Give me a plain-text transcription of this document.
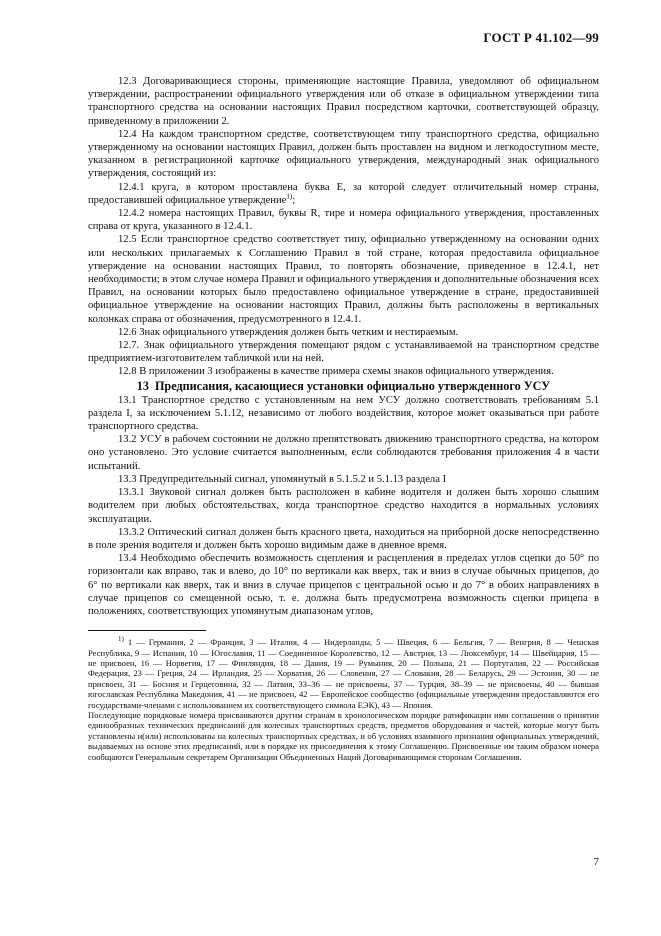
ГОСТ Р 41.102—99

12.3 Договаривающиеся стороны, применяющие настоящие Правила, уведомляют об официальном утверждении, распространении официального утверждения или об отказе в официальном утверждении типа транспортного средства на основании настоящих Правил посредством карточки, соответствующей образцу, приведенному в приложении 2.

12.4 На каждом транспортном средстве, соответствующем типу транспортного средства, официально утвержденному на основании настоящих Правил, должен быть проставлен на видном и легкодоступном месте, указанном в регистрационной карточке официального утверждения, международный знак официального утверждения, состоящий из:

12.4.1 круга, в котором проставлена буква E, за которой следует отличительный номер страны, предоставившей официальное утверждение$^{1)}$;

12.4.2 номера настоящих Правил, буквы R, тире и номера официального утверждения, проставленных справа от круга, указанного в 12.4.1.

12.5 Если транспортное средство соответствует типу, официально утвержденному на основании одних или нескольких прилагаемых к Соглашению Правил в той стране, которая предоставила официальное утверждение на основании настоящих Правил, то повторять обозначение, приведенное в 12.4.1, нет необходимости; в этом случае номера Правил и официального утверждения и дополнительные обозначения всех Правил, на основании которых было предоставлено официальное утверждение в стране, предоставившей официальное утверждение на основании настоящих Правил, должны быть расположены в вертикальных колонках справа от обозначения, предусмотренного в 12.4.1.

12.6 Знак официального утверждения должен быть четким и нестираемым.

12.7. Знак официального утверждения помещают рядом с устанавливаемой на транспортном средстве предприятием-изготовителем табличкой или на ней.

12.8 В приложении 3 изображены в качестве примера схемы знаков официального утверждения.

13 Предписания, касающиеся установки официально утвержденного УСУ

13.1 Транспортное средство с установленным на нем УСУ должно соответствовать требованиям 5.1 раздела I, за исключением 5.1.12, независимо от любого воздействия, которое может оказываться при работе транспортного средства.

13.2 УСУ в рабочем состоянии не должно препятствовать движению транспортного средства, на котором оно установлено. Это условие считается выполненным, если соблюдаются требования приложения 4 в части испытаний.

13.3 Предупредительный сигнал, упомянутый в 5.1.5.2 и 5.1.13 раздела I

13.3.1 Звуковой сигнал должен быть расположен в кабине водителя и должен быть хорошо слышим водителем при любых обстоятельствах, когда транспортное средство находится в нормальных условиях эксплуатации.

13.3.2 Оптический сигнал должен быть красного цвета, находиться на приборной доске непосредственно в поле зрения водителя и должен быть хорошо видимым даже в дневное время.

13.4 Необходимо обеспечить возможность сцепления и расцепления в пределах углов сцепки до 50° по горизонтали как вправо, так и влево, до 10° по вертикали как вверх, так и вниз в случае обычных прицепов, до 6° по вертикали как вверх, так и вниз в случае прицепов с центральной осью и до 7° в обоих направлениях в случае прицепов со смещенной осью, т. е. должна быть предусмотрена возможность сцепки прицепа в положениях, соответствующих упомянутым диапазонам углов,

$^{1)}$ 1 — Германия, 2 — Франция, 3 — Италия, 4 — Нидерланды, 5 — Швеция, 6 — Бельгия, 7 — Венгрия, 8 — Чешская Республика, 9 — Испания, 10 — Югославия, 11 — Соединенное Королевство, 12 — Австрия, 13 — Люксембург, 14 — Швейцария, 15 — не присвоен, 16 — Норвегия, 17 — Финляндия, 18 — Дания, 19 — Румыния, 20 — Польша, 21 — Португалия, 22 — Российская Федерация, 23 — Греция, 24 — Ирландия, 25 — Хорватия, 26 — Словения, 27 — Словакия, 28 — Беларусь, 29 — Эстония, 30 — не присвоен, 31 — Босния и Герцеговина, 32 — Латвия, 33–36 — не присвоены, 37 — Турция, 38–39 — не присвоены, 40 — бывшая югославская Республика Македония, 41 — не присвоен, 42 — Европейское сообщество (официальные утверждения предоставляются его государствами-членами с использованием их соответствующего символа ЕЭК), 43 — Япония.

Последующие порядковые номера присваиваются другим странам в хронологическом порядке ратификации ими соглашения о принятии единообразных технических предписаний для колесных транспортных средств, предметов оборудования и частей, которые могут быть установлены и(или) использованы на колесных транспортных средствах, и об условиях взаимного признания официальных утверждений, выдаваемых на основе этих предписаний, или в порядке их присоединения к этому Соглашению. Присвоенные им таким образом номера сообщаются Генеральным секретарем Организации Объединенных Наций Договаривающимся сторонам Соглашения.

7
